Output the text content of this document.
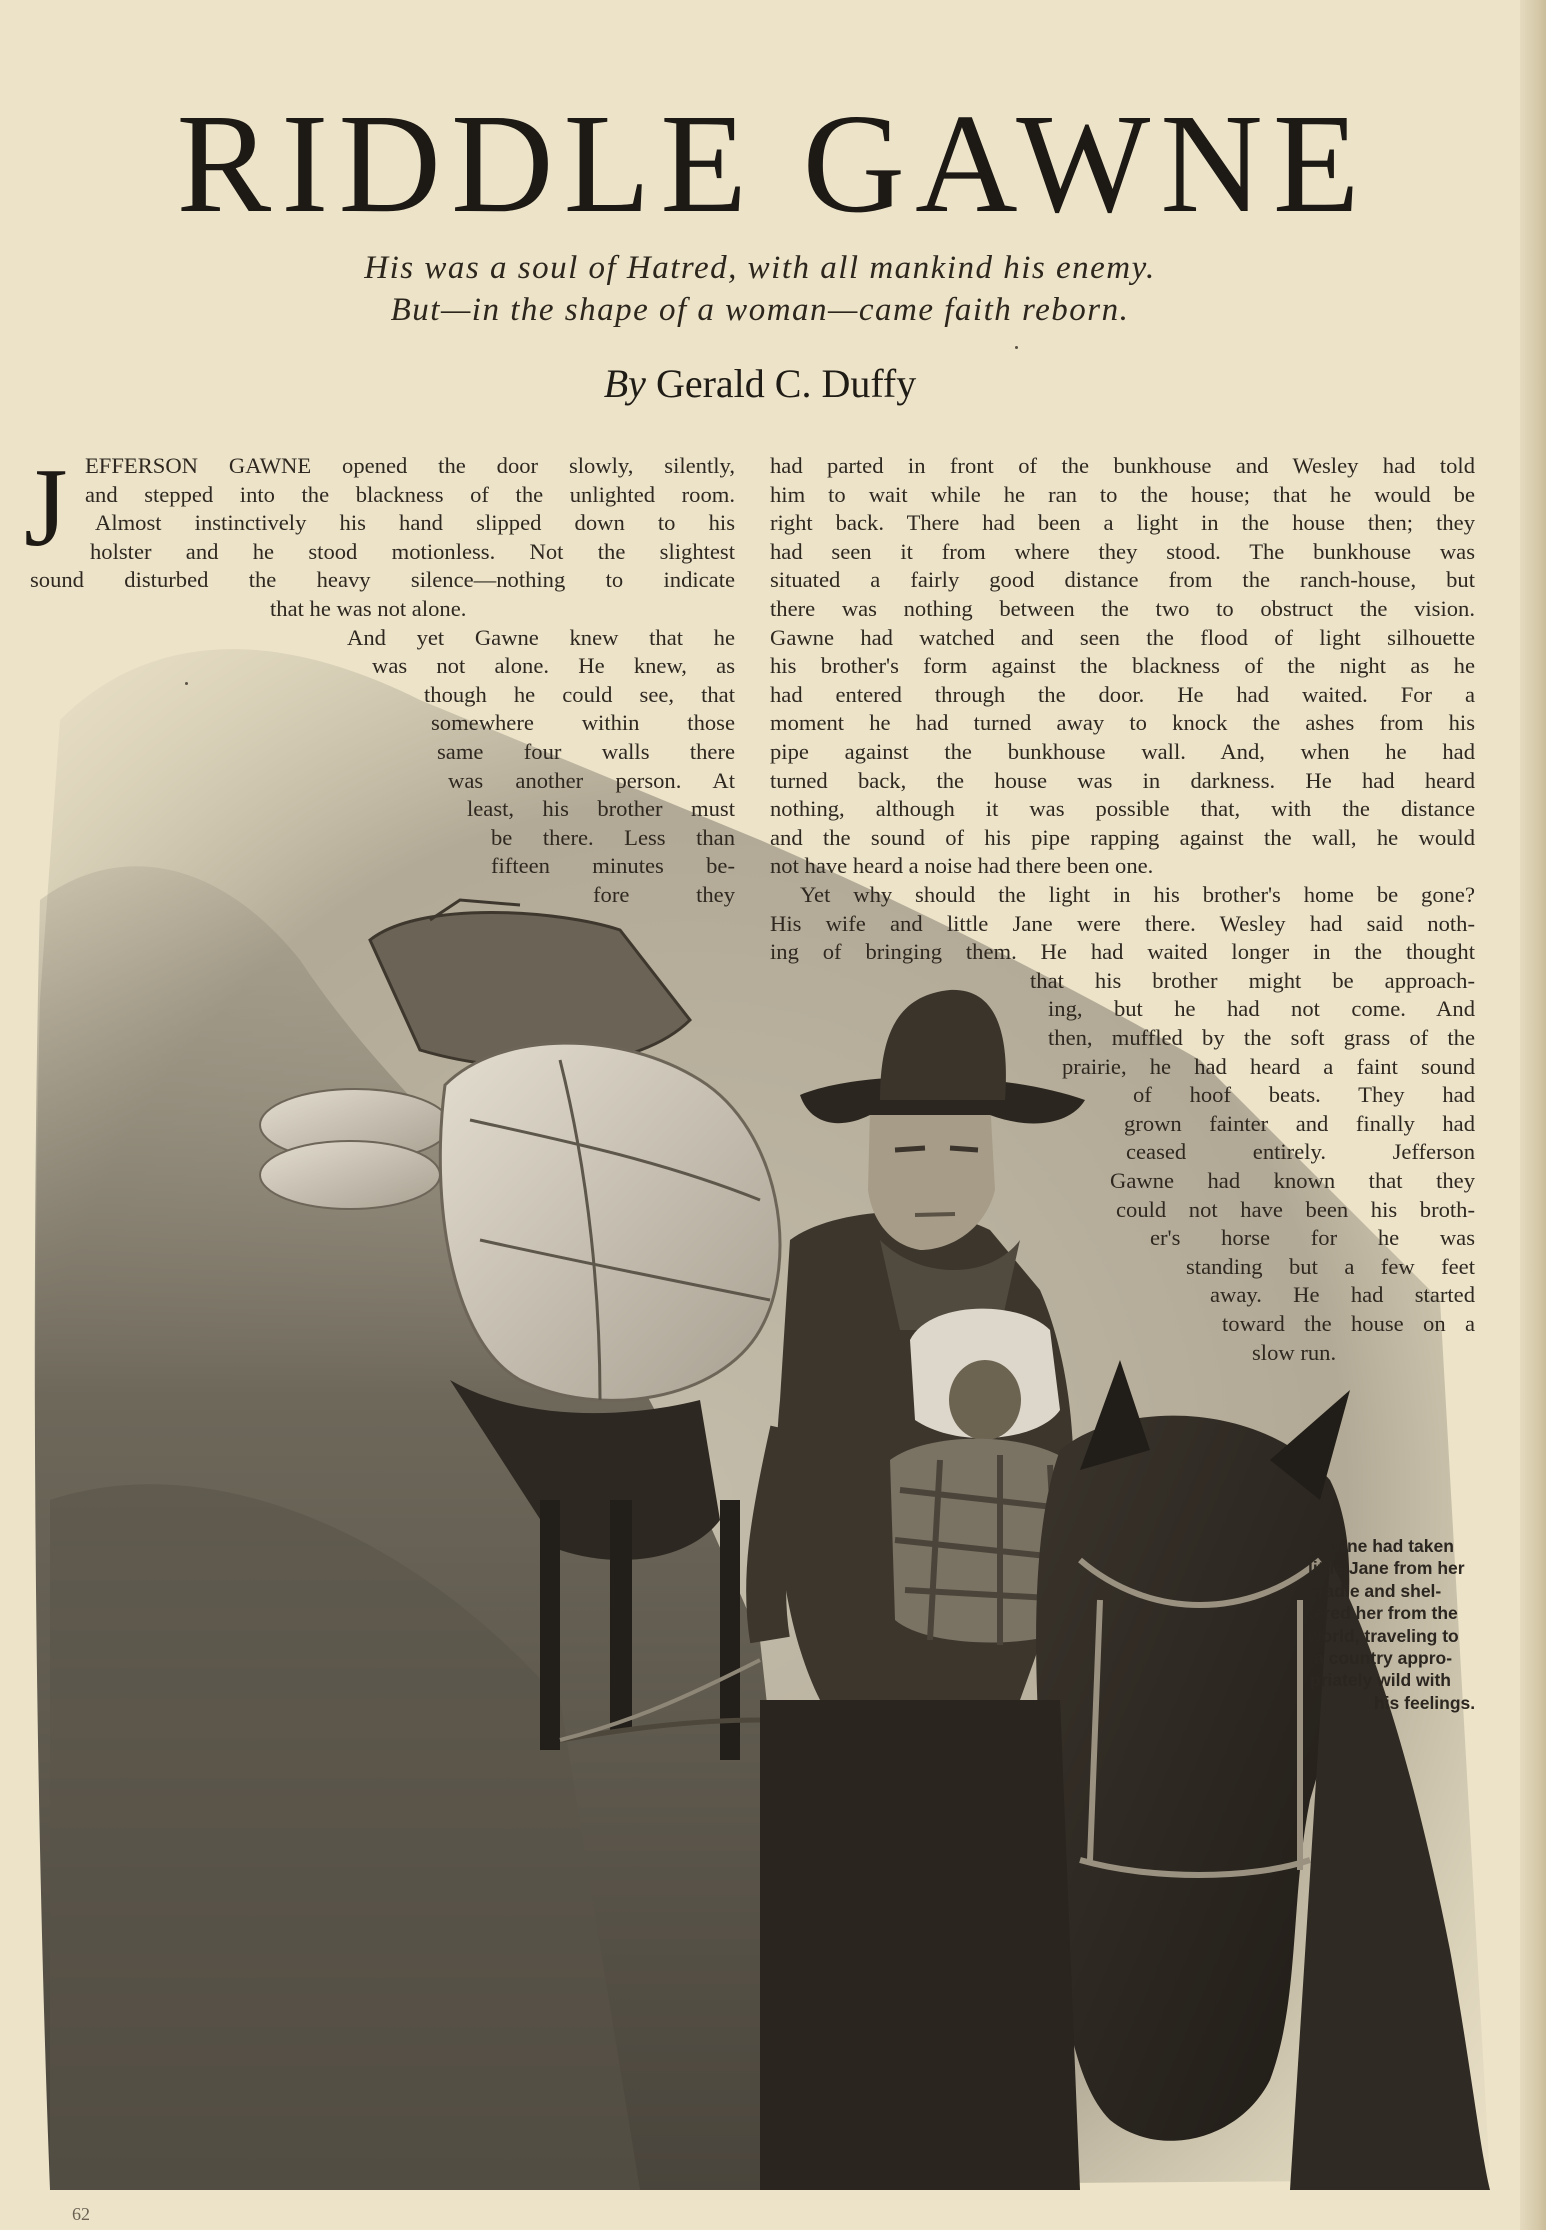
RIDDLE GAWNE
His was a soul of Hatred, with all mankind his enemy.
But—in the shape of a woman—came faith reborn.
By Gerald C. Duffy
J EFFERSON GAWNE opened the door slowly, silently,
and stepped into the blackness of the unlighted room.
Almost instinctively his hand slipped down to his
holster and he stood motionless. Not the slightest
sound disturbed the heavy silence—nothing to indicate
that he was not alone.
And yet Gawne knew that he
was not alone. He knew, as
though he could see, that
somewhere within those
same four walls there
was another person. At
least, his brother must
be there. Less than
fifteen minutes be-
fore they
had parted in front of the bunkhouse and Wesley had told
him to wait while he ran to the house; that he would be
right back. There had been a light in the house then; they
had seen it from where they stood. The bunkhouse was
situated a fairly good distance from the ranch-house, but
there was nothing between the two to obstruct the vision.
Gawne had watched and seen the flood of light silhouette
his brother's form against the blackness of the night as he
had entered through the door. He had waited. For a
moment he had turned away to knock the ashes from his
pipe against the bunkhouse wall. And, when he had
turned back, the house was in darkness. He had heard
nothing, although it was possible that, with the distance
and the sound of his pipe rapping against the wall, he would
not have heard a noise had there been one.
Yet why should the light in his brother's home be gone?
His wife and little Jane were there. Wesley had said noth-
ing of bringing them. He had waited longer in the thought
that his brother might be approach-
ing, but he had not come. And
then, muffled by the soft grass of the
prairie, he had heard a faint sound
of hoof beats. They had
grown fainter and finally had
ceased entirely. Jefferson
Gawne had known that they
could not have been his broth-
er's horse for he was
standing but a few feet
away. He had started
toward the house on a
slow run.
Gawne had taken
little Jane from her
cradle and shel-
tered her from the
world, traveling to
a country appro-
priately wild with
his feelings.
62
